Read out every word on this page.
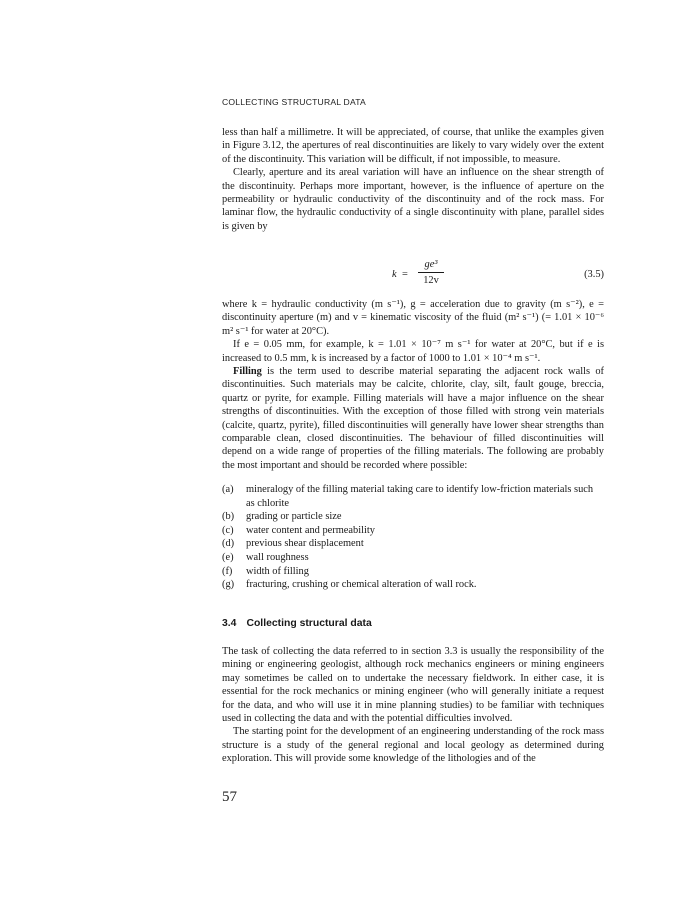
COLLECTING STRUCTURAL DATA

less than half a millimetre. It will be appreciated, of course, that unlike the examples given in Figure 3.12, the apertures of real discontinuities are likely to vary widely over the extent of the discontinuity. This variation will be difficult, if not impossible, to measure.

Clearly, aperture and its areal variation will have an influence on the shear strength of the discontinuity. Perhaps more important, however, is the influence of aperture on the permeability or hydraulic conductivity of the discontinuity and of the rock mass. For laminar flow, the hydraulic conductivity of a single discontinuity with plane, parallel sides is given by

k =
ge³
12v
(3.5)

where k = hydraulic conductivity (m s⁻¹), g = acceleration due to gravity (m s⁻²), e = discontinuity aperture (m) and v = kinematic viscosity of the fluid (m² s⁻¹) (= 1.01 × 10⁻⁶ m² s⁻¹ for water at 20°C).

If e = 0.05 mm, for example, k = 1.01 × 10⁻⁷ m s⁻¹ for water at 20°C, but if e is increased to 0.5 mm, k is increased by a factor of 1000 to 1.01 × 10⁻⁴ m s⁻¹.

Filling is the term used to describe material separating the adjacent rock walls of discontinuities. Such materials may be calcite, chlorite, clay, silt, fault gouge, breccia, quartz or pyrite, for example. Filling materials will have a major influence on the shear strengths of discontinuities. With the exception of those filled with strong vein materials (calcite, quartz, pyrite), filled discontinuities will generally have lower shear strengths than comparable clean, closed discontinuities. The behaviour of filled discontinuities will depend on a wide range of properties of the filling materials. The following are probably the most important and should be recorded where possible:

(a) mineralogy of the filling material taking care to identify low-friction materials such as chlorite
(b) grading or particle size
(c) water content and permeability
(d) previous shear displacement
(e) wall roughness
(f) width of filling
(g) fracturing, crushing or chemical alteration of wall rock.
3.4 Collecting structural data

The task of collecting the data referred to in section 3.3 is usually the responsibility of the mining or engineering geologist, although rock mechanics engineers or mining engineers may sometimes be called on to undertake the necessary fieldwork. In either case, it is essential for the rock mechanics or mining engineer (who will generally initiate a request for the data, and who will use it in mine planning studies) to be familiar with techniques used in collecting the data and with the potential difficulties involved.

The starting point for the development of an engineering understanding of the rock mass structure is a study of the general regional and local geology as determined during exploration. This will provide some knowledge of the lithologies and of the

57
